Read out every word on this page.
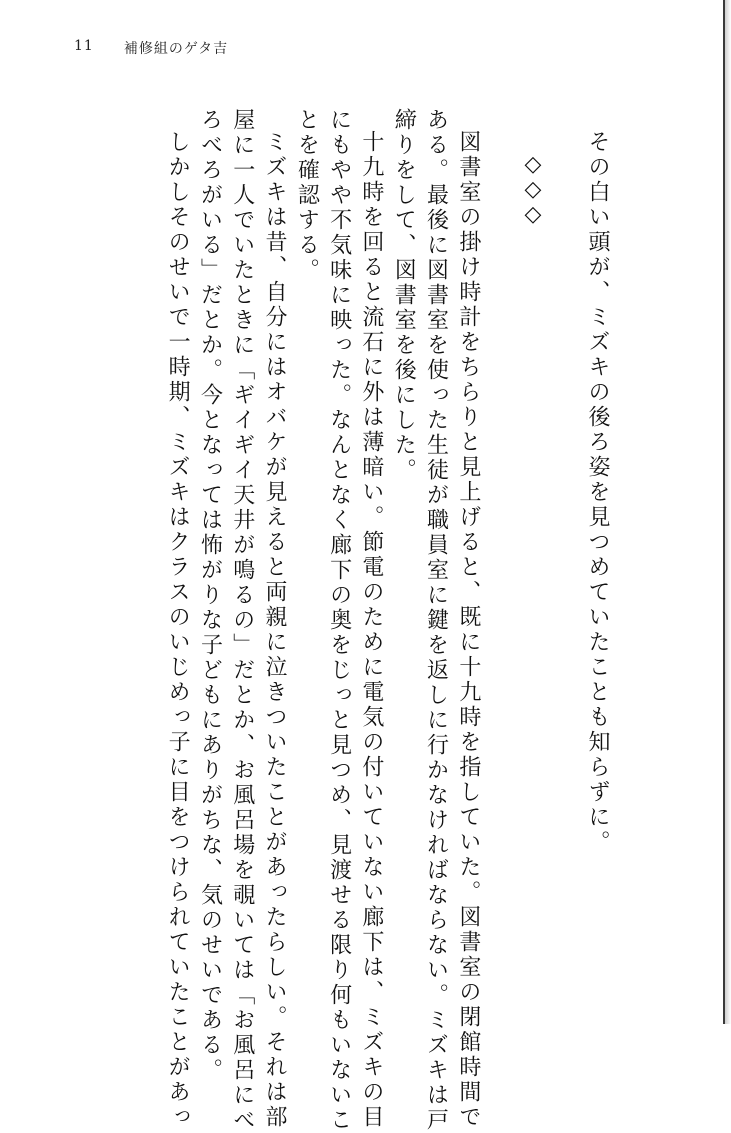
11 補修組のゲタ吉

その白い頭が、ミズキの後ろ姿を見つめていたことも知らずに。

◇◇◇

図書室の掛け時計をちらりと見上げると、既に十九時を指していた。図書室の閉館時間で

ある。最後に図書室を使った生徒が職員室に鍵を返しに行かなければならない。ミズキは戸

締りをして、図書室を後にした。

十九時を回ると流石に外は薄暗い。節電のために電気の付いていない廊下は、ミズキの目

にもやや不気味に映った。なんとなく廊下の奥をじっと見つめ、見渡せる限り何もいないこ

とを確認する。

ミズキは昔、自分にはオバケが見えると両親に泣きついたことがあったらしい。それは部

屋に一人でいたときに「ギイギイ天井が鳴るの」だとか、お風呂場を覗いては「お風呂にべ

ろべろがいる」だとか。今となっては怖がりな子どもにありがちな、気のせいである。

しかしそのせいで一時期、ミズキはクラスのいじめっ子に目をつけられていたことがあっ
